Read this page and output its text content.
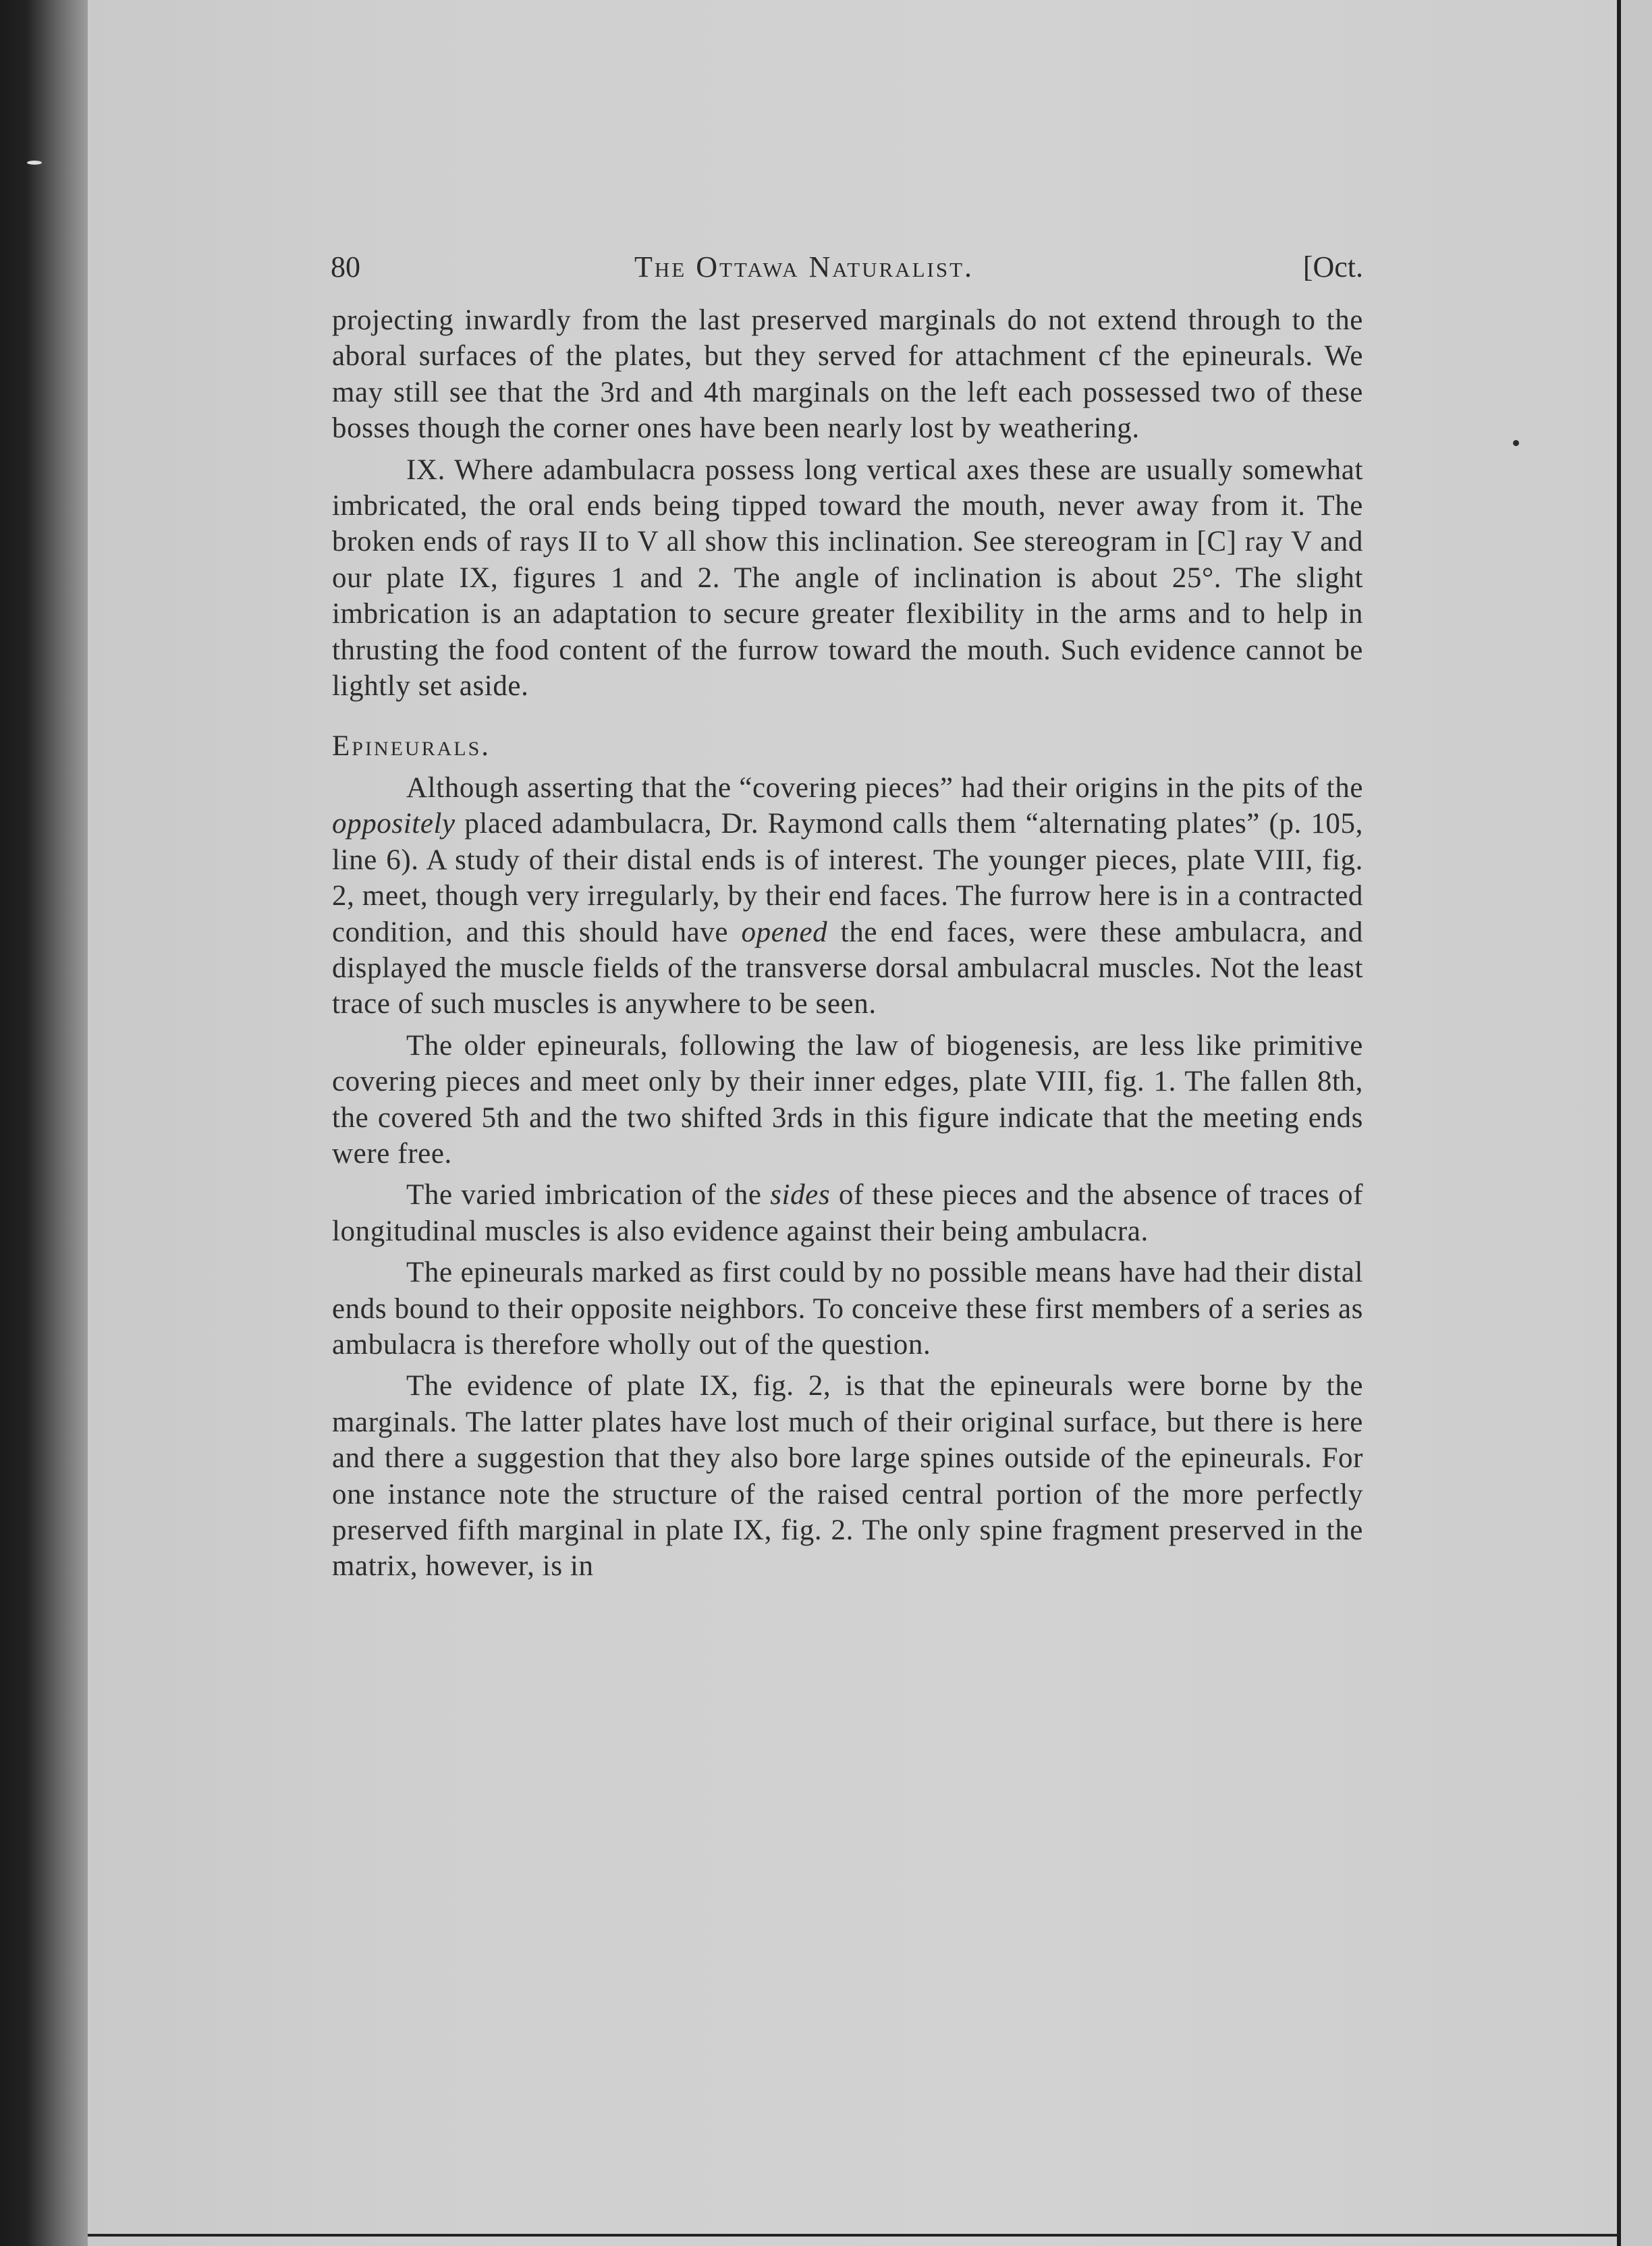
80	The Ottawa Naturalist.	[Oct.

projecting inwardly from the last preserved marginals do not extend through to the aboral surfaces of the plates, but they served for attachment cf the epineurals. We may still see that the 3rd and 4th marginals on the left each possessed two of these bosses though the corner ones have been nearly lost by weathering.

IX. Where adambulacra possess long vertical axes these are usually somewhat imbricated, the oral ends being tipped toward the mouth, never away from it. The broken ends of rays II to V all show this inclination. See stereogram in [C] ray V and our plate IX, figures 1 and 2. The angle of inclination is about 25°. The slight imbrication is an adaptation to secure greater flexibility in the arms and to help in thrusting the food content of the furrow toward the mouth. Such evidence cannot be lightly set aside.

Epineurals.

Although asserting that the “covering pieces” had their origins in the pits of the oppositely placed adambulacra, Dr. Raymond calls them “alternating plates” (p. 105, line 6). A study of their distal ends is of interest. The younger pieces, plate VIII, fig. 2, meet, though very irregularly, by their end faces. The furrow here is in a contracted condition, and this should have opened the end faces, were these ambulacra, and displayed the muscle fields of the transverse dorsal ambulacral muscles. Not the least trace of such muscles is anywhere to be seen.

The older epineurals, following the law of biogenesis, are less like primitive covering pieces and meet only by their inner edges, plate VIII, fig. 1. The fallen 8th, the covered 5th and the two shifted 3rds in this figure indicate that the meeting ends were free.

The varied imbrication of the sides of these pieces and the absence of traces of longitudinal muscles is also evidence against their being ambulacra.

The epineurals marked as first could by no possible means have had their distal ends bound to their opposite neighbors. To conceive these first members of a series as ambulacra is therefore wholly out of the question.

The evidence of plate IX, fig. 2, is that the epineurals were borne by the marginals. The latter plates have lost much of their original surface, but there is here and there a suggestion that they also bore large spines outside of the epineurals. For one instance note the structure of the raised central portion of the more perfectly preserved fifth marginal in plate IX, fig. 2. The only spine fragment preserved in the matrix, however, is in
